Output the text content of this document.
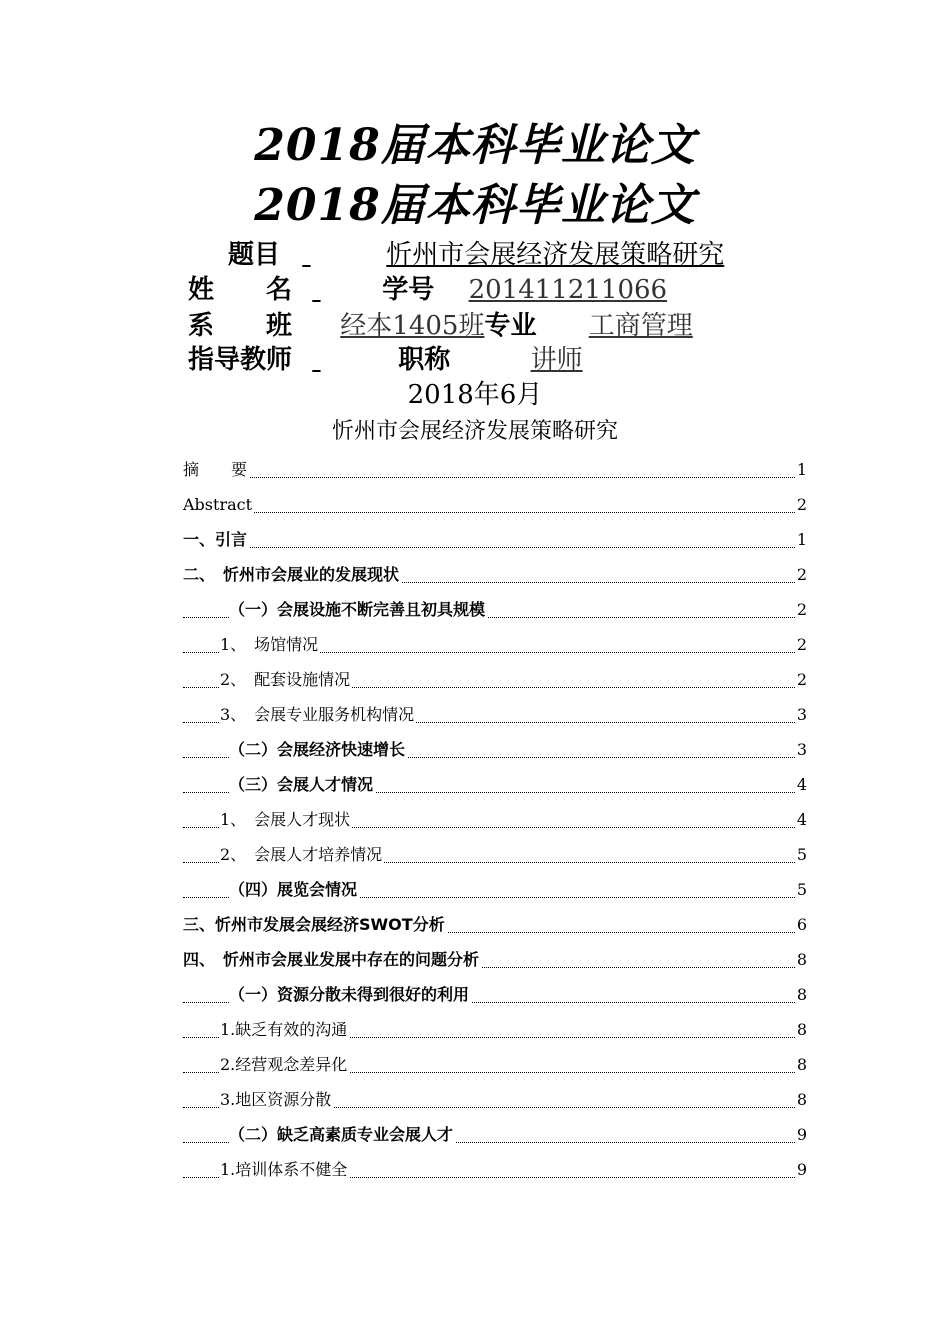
2018届本科毕业论文
2018届本科毕业论文
题目	忻州市会展经济发展策略研究
姓　　名	学号 201411211066
系　　班 经本1405班专业 工商管理
指导教师	职称	讲师
2018年6月
忻州市会展经济发展策略研究
摘　　要	1
Abstract	2
一、引言	1
二、　忻州市会展业的发展现状	2
（一）会展设施不断完善且初具规模	2
1、　场馆情况	2
2、　配套设施情况	2
3、　会展专业服务机构情况	3
（二）会展经济快速增长	3
（三）会展人才情况	4
1、　会展人才现状	4
2、　会展人才培养情况	5
（四）展览会情况	5
三、忻州市发展会展经济SWOT分析	6
四、　忻州市会展业发展中存在的问题分析	8
（一）资源分散未得到很好的利用	8
1.缺乏有效的沟通	8
2.经营观念差异化	8
3.地区资源分散	8
（二）缺乏高素质专业会展人才	9
1.培训体系不健全	9
